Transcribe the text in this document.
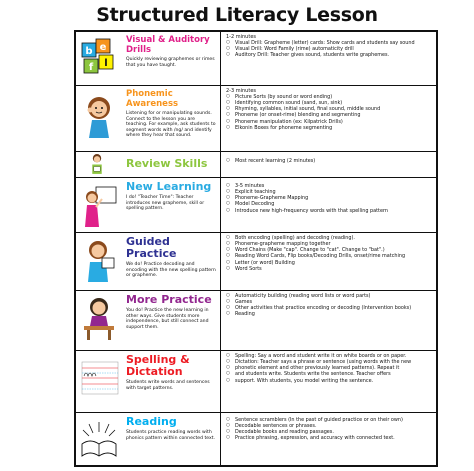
Structured Literacy Lesson
b e
f l
Visual & Auditory Drills
Quickly reviewing graphemes or rimes that you have taught.
1-2 minutes
○ Visual Drill: Grapheme (letter) cards: Show cards and students say sound
○ Visual Drill: Word Family (rime) automaticity drill
○ Auditory Drill: Teacher gives sound, students write graphemes.
Phonemic Awareness
Listening for or manipulating sounds. Connect to the lesson you are teaching. For example, ask students to segment words with /ng/ and identify where they hear that sound.
2-3 minutes
○ Picture Sorts (by sound or word ending)
○ Identifying common sound (sand, sun, sink)
○ Rhyming, syllables, initial sound, final sound, middle sound
○ Phoneme (or onset-rime) blending and segmenting
○ Phoneme manipulation (ex: Kilpatrick Drills)
○ Elkonin Boxes for phoneme segmenting
Review Skills
○	Most recent learning (2 minutes)
New Learning
I do! "Teacher Time": Teacher introduces new grapheme, skill or spelling pattern.
○ 3-5 minutes
○ Explicit teaching
○ Phoneme-Grapheme Mapping
○ Model Decoding
○ Introduce new high-frequency words with that spelling pattern
Guided Practice
We do! Practice decoding and encoding with the new spelling pattern or grapheme.
○ Both encoding (spelling) and decoding (reading).
○ Phoneme-grapheme mapping together
○ Word Chains (Make "cap". Change to "cat". Change to "bat".)
○ Reading Word Cards, Flip books/Decoding Drills, onset/rime matching
○ Letter (or word) Building
○ Word Sorts
More Practice
You do! Practice the new learning in other ways. Give students more independence, but still connect and support them.
○ Automaticity building (reading word lists or word parts)
○ Games
○ Other activities that practice encoding or decoding (Intervention books)
○ Reading
Spelling & Dictation
Students write words and sentences with target patterns.
○ Spelling: Say a word and student write it on white boards or on paper.
○ Dictation: Teacher says a phrase or sentence (using words with the new
○ phonetic element and other previously learned patterns). Repeat it
○ and students write. Students write the sentence. Teacher offers
○ support. With students, you model writing the sentence.
Reading
Students practice reading words with phonics pattern within connected text.
○ Sentence scramblers (In the past of guided practice or on their own)
○ Decodable sentences or phrases.
○ Decodable books and reading passages.
○ Practice phrasing, expression, and accuracy with connected text.
